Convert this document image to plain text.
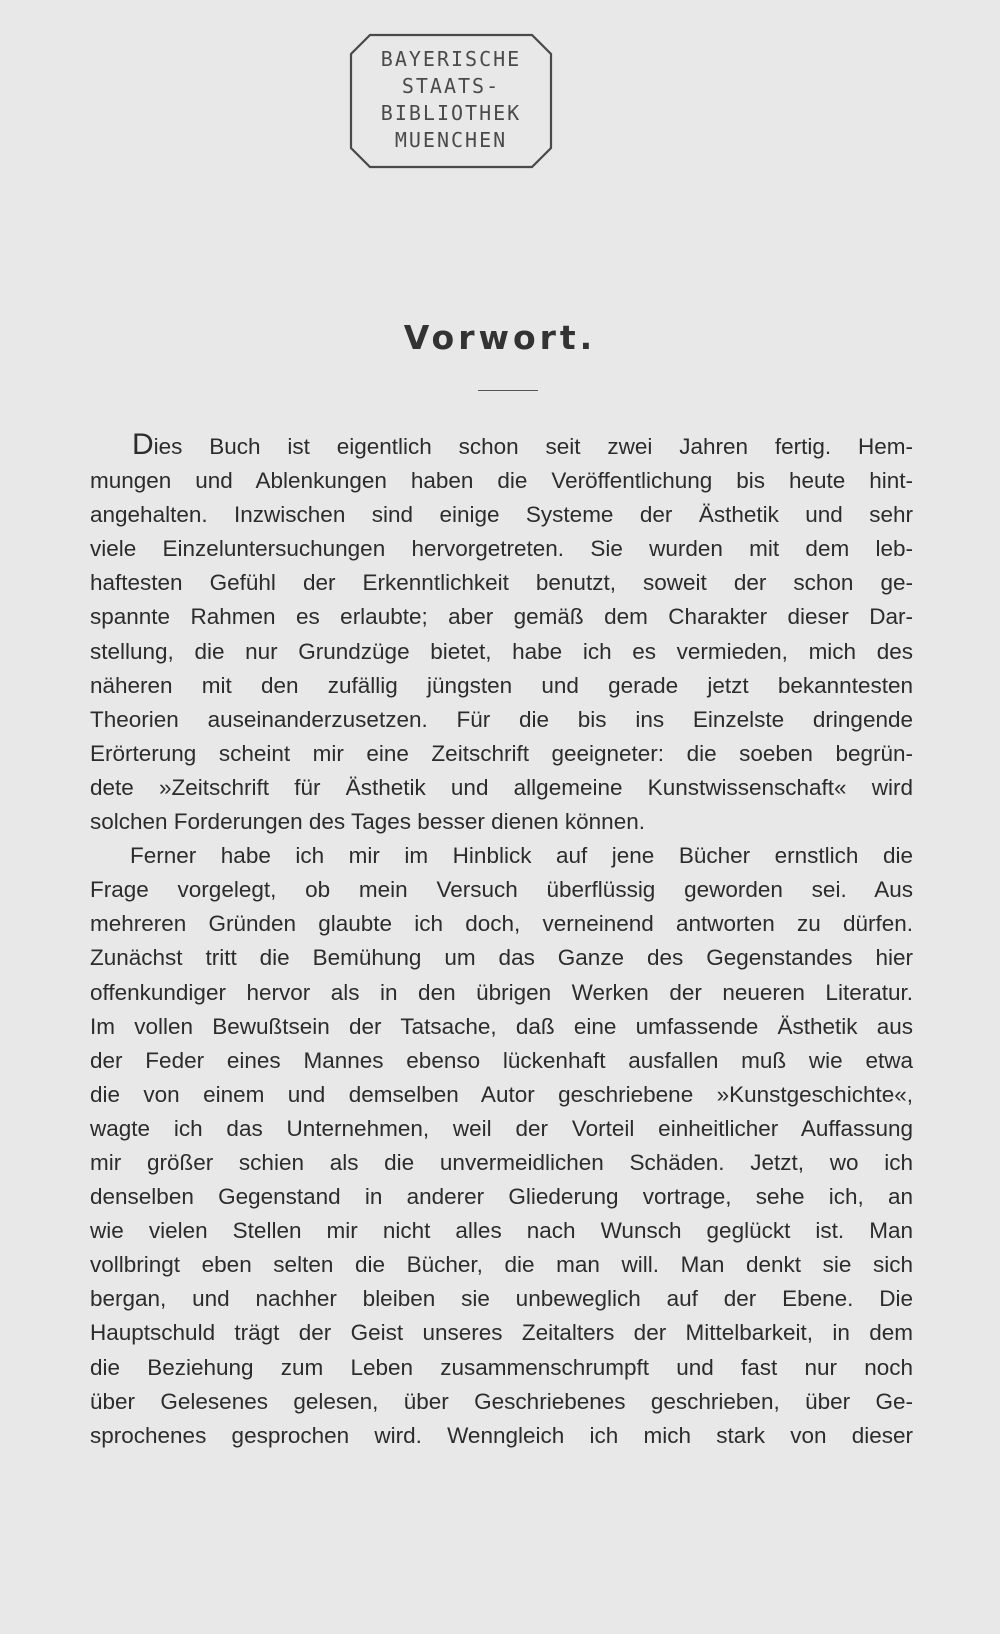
BAYERISCHE
STAATS-
BIBLIOTHEK
MUENCHEN
Vorwort.
Dies Buch ist eigentlich schon seit zwei Jahren fertig. Hem-
mungen und Ablenkungen haben die Veröffentlichung bis heute hint-
angehalten. Inzwischen sind einige Systeme der Ästhetik und sehr
viele Einzeluntersuchungen hervorgetreten. Sie wurden mit dem leb-
haftesten Gefühl der Erkenntlichkeit benutzt, soweit der schon ge-
spannte Rahmen es erlaubte; aber gemäß dem Charakter dieser Dar-
stellung, die nur Grundzüge bietet, habe ich es vermieden, mich des
näheren mit den zufällig jüngsten und gerade jetzt bekanntesten
Theorien auseinanderzusetzen. Für die bis ins Einzelste dringende
Erörterung scheint mir eine Zeitschrift geeigneter: die soeben begrün-
dete »Zeitschrift für Ästhetik und allgemeine Kunstwissenschaft« wird
solchen Forderungen des Tages besser dienen können.
Ferner habe ich mir im Hinblick auf jene Bücher ernstlich die
Frage vorgelegt, ob mein Versuch überflüssig geworden sei. Aus
mehreren Gründen glaubte ich doch, verneinend antworten zu dürfen.
Zunächst tritt die Bemühung um das Ganze des Gegenstandes hier
offenkundiger hervor als in den übrigen Werken der neueren Literatur.
Im vollen Bewußtsein der Tatsache, daß eine umfassende Ästhetik aus
der Feder eines Mannes ebenso lückenhaft ausfallen muß wie etwa
die von einem und demselben Autor geschriebene »Kunstgeschichte«,
wagte ich das Unternehmen, weil der Vorteil einheitlicher Auffassung
mir größer schien als die unvermeidlichen Schäden. Jetzt, wo ich
denselben Gegenstand in anderer Gliederung vortrage, sehe ich, an
wie vielen Stellen mir nicht alles nach Wunsch geglückt ist. Man
vollbringt eben selten die Bücher, die man will. Man denkt sie sich
bergan, und nachher bleiben sie unbeweglich auf der Ebene. Die
Hauptschuld trägt der Geist unseres Zeitalters der Mittelbarkeit, in dem
die Beziehung zum Leben zusammenschrumpft und fast nur noch
über Gelesenes gelesen, über Geschriebenes geschrieben, über Ge-
sprochenes gesprochen wird. Wenngleich ich mich stark von dieser
